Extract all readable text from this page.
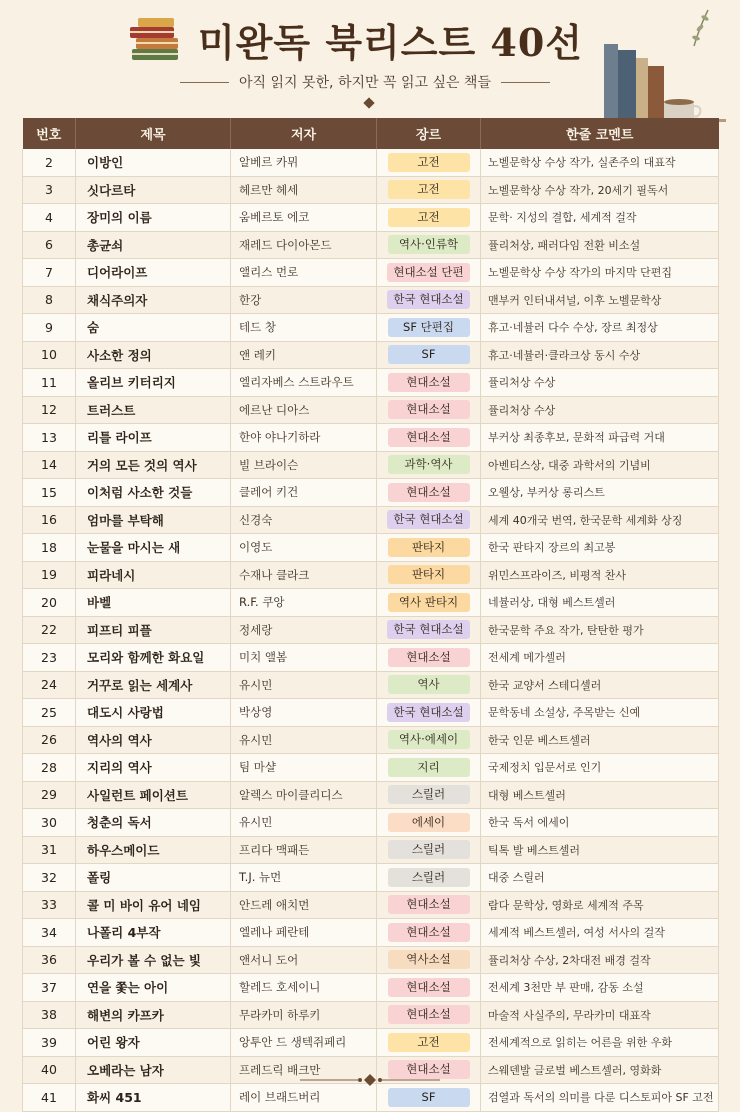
미완독 북리스트 40선
아직 읽지 못한, 하지만 꼭 읽고 싶은 책들
번호	제목	저자	장르	한줄 코멘트
2	이방인	알베르 카뮈	고전	노벨문학상 수상 작가, 실존주의 대표작
3	싯다르타	헤르만 헤세	고전	노벨문학상 수상 작가, 20세기 필독서
4	장미의 이름	움베르토 에코	고전	문학· 지성의 결합, 세계적 걸작
6	총균쇠	재레드 다이아몬드	역사·인류학	퓰리처상, 패러다임 전환 비소설
7	디어라이프	앨리스 먼로	현대소설 단편	노벨문학상 수상 작가의 마지막 단편집
8	채식주의자	한강	한국 현대소설	맨부커 인터내셔널, 이후 노벨문학상
9	숨	테드 창	SF 단편집	휴고·네뷸러 다수 수상, 장르 최정상
10	사소한 정의	앤 레키	SF	휴고·네뷸러·클라크상 동시 수상
11	올리브 키터리지	엘리자베스 스트라우트	현대소설	퓰리처상 수상
12	트러스트	에르난 디아스	현대소설	퓰리처상 수상
13	리틀 라이프	한야 야나기하라	현대소설	부커상 최종후보, 문화적 파급력 거대
14	거의 모든 것의 역사	빌 브라이슨	과학·역사	아벤티스상, 대중 과학서의 기념비
15	이처럼 사소한 것들	클레어 키건	현대소설	오웰상, 부커상 롱리스트
16	엄마를 부탁해	신경숙	한국 현대소설	세계 40개국 번역, 한국문학 세계화 상징
18	눈물을 마시는 새	이영도	판타지	한국 판타지 장르의 최고봉
19	피라네시	수재나 클라크	판타지	위민스프라이즈, 비평적 찬사
20	바벨	R.F. 쿠앙	역사 판타지	네뷸러상, 대형 베스트셀러
22	피프티 피플	정세랑	한국 현대소설	한국문학 주요 작가, 탄탄한 평가
23	모리와 함께한 화요일	미치 앨봄	현대소설	전세계 메가셀러
24	거꾸로 읽는 세계사	유시민	역사	한국 교양서 스테디셀러
25	대도시 사랑법	박상영	한국 현대소설	문학동네 소설상, 주목받는 신예
26	역사의 역사	유시민	역사·에세이	한국 인문 베스트셀러
28	지리의 역사	팀 마샬	지리	국제정치 입문서로 인기
29	사일런트 페이션트	알렉스 마이클리디스	스릴러	대형 베스트셀러
30	청춘의 독서	유시민	에세이	한국 독서 에세이
31	하우스메이드	프리다 맥패든	스릴러	틱톡 발 베스트셀러
32	폴링	T.J. 뉴먼	스릴러	대중 스릴러
33	콜 미 바이 유어 네임	안드레 애치먼	현대소설	람다 문학상, 영화로 세계적 주목
34	나폴리 4부작	엘레나 페란테	현대소설	세계적 베스트셀러, 여성 서사의 걸작
36	우리가 볼 수 없는 빛	앤서니 도어	역사소설	퓰리처상 수상, 2차대전 배경 걸작
37	연을 쫓는 아이	할레드 호세이니	현대소설	전세계 3천만 부 판매, 감동 소설
38	해변의 카프카	무라카미 하루키	현대소설	마술적 사실주의, 무라카미 대표작
39	어린 왕자	앙투안 드 생텍쥐페리	고전	전세계적으로 읽히는 어른을 위한 우화
40	오베라는 남자	프레드릭 배크만	현대소설	스웨덴발 글로벌 베스트셀러, 영화화
41	화씨 451	레이 브래드버리	SF	검열과 독서의 의미를 다룬 디스토피아 SF 고전
